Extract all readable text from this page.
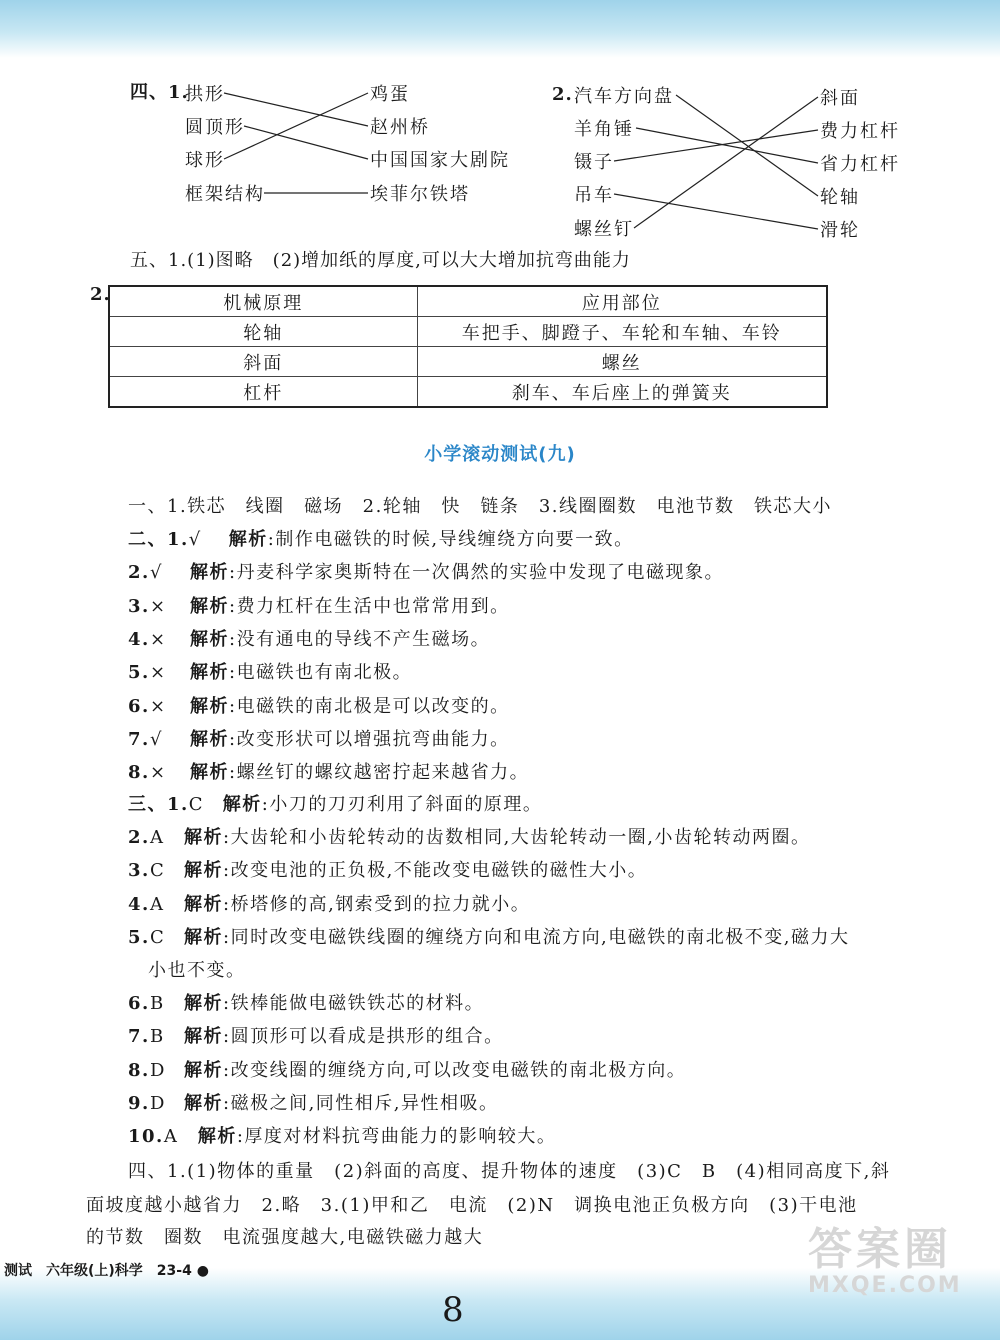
四、1.
拱形
圆顶形
球形
框架结构
鸡蛋
赵州桥
中国国家大剧院
埃菲尔铁塔
2. 汽车方向盘
羊角锤
镊子
吊车
螺丝钉
斜面
费力杠杆
省力杠杆
轮轴
滑轮
五、1.(1)图略　(2)增加纸的厚度,可以大大增加抗弯曲能力
2.	机械原理	应用部位
轮轴	车把手、脚蹬子、车轮和车轴、车铃
斜面	螺丝
杠杆	刹车、车后座上的弹簧夹
小学滚动测试(九)
一、1.铁芯　线圈　磁场　2.轮轴　快　链条　3.线圈圈数　电池节数　铁芯大小
二、1.√ 解析:制作电磁铁的时候,导线缠绕方向要一致。
2.√ 解析:丹麦科学家奥斯特在一次偶然的实验中发现了电磁现象。
3.× 解析:费力杠杆在生活中也常常用到。
4.× 解析:没有通电的导线不产生磁场。
5.× 解析:电磁铁也有南北极。
6.× 解析:电磁铁的南北极是可以改变的。
7.√ 解析:改变形状可以增强抗弯曲能力。
8.× 解析:螺丝钉的螺纹越密拧起来越省力。
三、1.C 解析:小刀的刀刃利用了斜面的原理。
2.A 解析:大齿轮和小齿轮转动的齿数相同,大齿轮转动一圈,小齿轮转动两圈。
3.C 解析:改变电池的正负极,不能改变电磁铁的磁性大小。
4.A 解析:桥塔修的高,钢索受到的拉力就小。
5.C 解析:同时改变电磁铁线圈的缠绕方向和电流方向,电磁铁的南北极不变,磁力大
小也不变。
6.B 解析:铁棒能做电磁铁铁芯的材料。
7.B 解析:圆顶形可以看成是拱形的组合。
8.D 解析:改变线圈的缠绕方向,可以改变电磁铁的南北极方向。
9.D 解析:磁极之间,同性相斥,异性相吸。
10.A 解析:厚度对材料抗弯曲能力的影响较大。
四、1.(1)物体的重量　(2)斜面的高度、提升物体的速度　(3)C　B　(4)相同高度下,斜
面坡度越小越省力　2.略　3.(1)甲和乙　电流　(2)N　调换电池正负极方向　(3)干电池
的节数　圈数　电流强度越大,电磁铁磁力越大
测试　六年级(上)科学　23-4 ●
8
答案圈
MXQE.COM
